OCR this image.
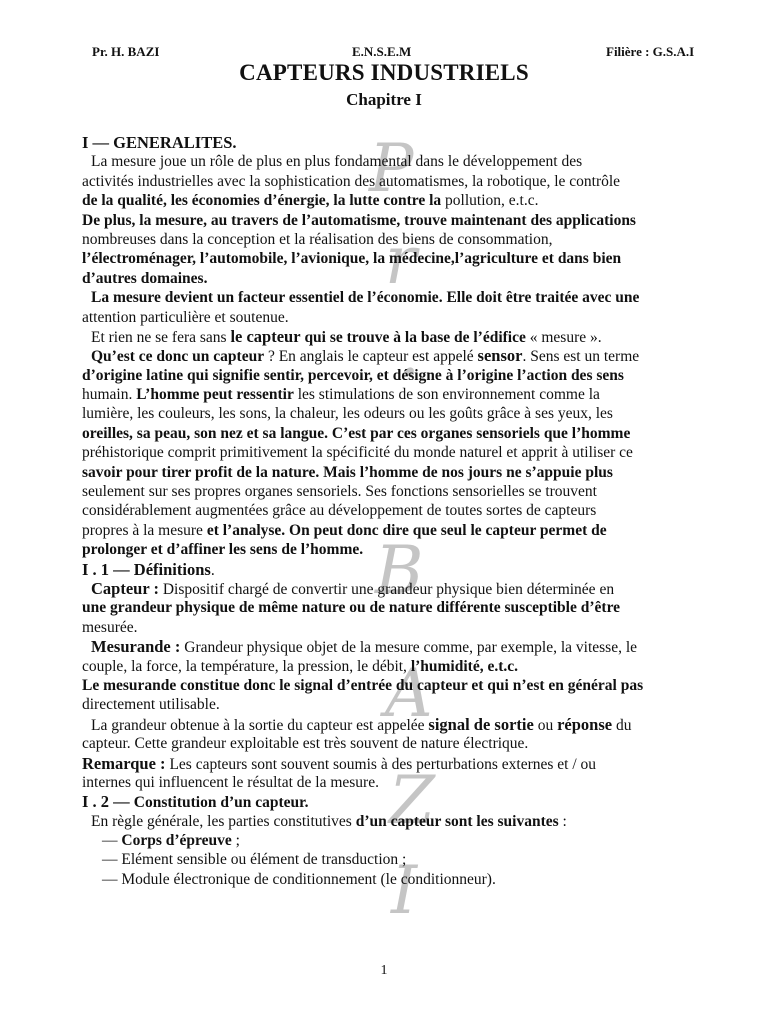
Pr. H. BAZI	E.N.S.E.M	Filière : G.S.A.I
CAPTEURS INDUSTRIELS
Chapitre I
P
r
.
B
A
Z
I
I — GENERALITES.
La mesure joue un rôle de plus en plus fondamental dans le développement des
activités industrielles avec la sophistication des automatismes, la robotique, le contrôle
de la qualité, les économies d’énergie, la lutte contre la pollution, e.t.c.
De plus, la mesure, au travers de l’automatisme, trouve maintenant des applications
nombreuses dans la conception et la réalisation des biens de consommation,
l’électroménager, l’automobile, l’avionique, la médecine,l’agriculture et dans bien
d’autres domaines.
La mesure devient un facteur essentiel de l’économie. Elle doit être traitée avec une
attention particulière et soutenue.
Et rien ne se fera sans le capteur qui se trouve à la base de l’édifice « mesure ».
Qu’est ce donc un capteur ? En anglais le capteur est appelé sensor. Sens est un terme
d’origine latine qui signifie sentir, percevoir, et désigne à l’origine l’action des sens
humain. L’homme peut ressentir les stimulations de son environnement comme la
lumière, les couleurs, les sons, la chaleur, les odeurs ou les goûts grâce à ses yeux, les
oreilles, sa peau, son nez et sa langue. C’est par ces organes sensoriels que l’homme
préhistorique comprit primitivement la spécificité du monde naturel et apprit à utiliser ce
savoir pour tirer profit de la nature. Mais l’homme de nos jours ne s’appuie plus
seulement sur ses propres organes sensoriels. Ses fonctions sensorielles se trouvent
considérablement augmentées grâce au développement de toutes sortes de capteurs
propres à la mesure et l’analyse. On peut donc dire que seul le capteur permet de
prolonger et d’affiner les sens de l’homme.
I . 1 — Définitions.
Capteur : Dispositif chargé de convertir une grandeur physique bien déterminée en
une grandeur physique de même nature ou de nature différente susceptible d’être
mesurée.
Mesurande : Grandeur physique objet de la mesure comme, par exemple, la vitesse, le
couple, la force, la température, la pression, le débit, l’humidité, e.t.c.
Le mesurande constitue donc le signal d’entrée du capteur et qui n’est en général pas
directement utilisable.
La grandeur obtenue à la sortie du capteur est appelée signal de sortie ou réponse du
capteur. Cette grandeur exploitable est très souvent de nature électrique.
Remarque : Les capteurs sont souvent soumis à des perturbations externes et / ou
internes qui influencent le résultat de la mesure.
I . 2 — Constitution d’un capteur.
En règle générale, les parties constitutives d’un capteur sont les suivantes :
— Corps d’épreuve ;
— Elément sensible ou élément de transduction ;
— Module électronique de conditionnement (le conditionneur).
1
